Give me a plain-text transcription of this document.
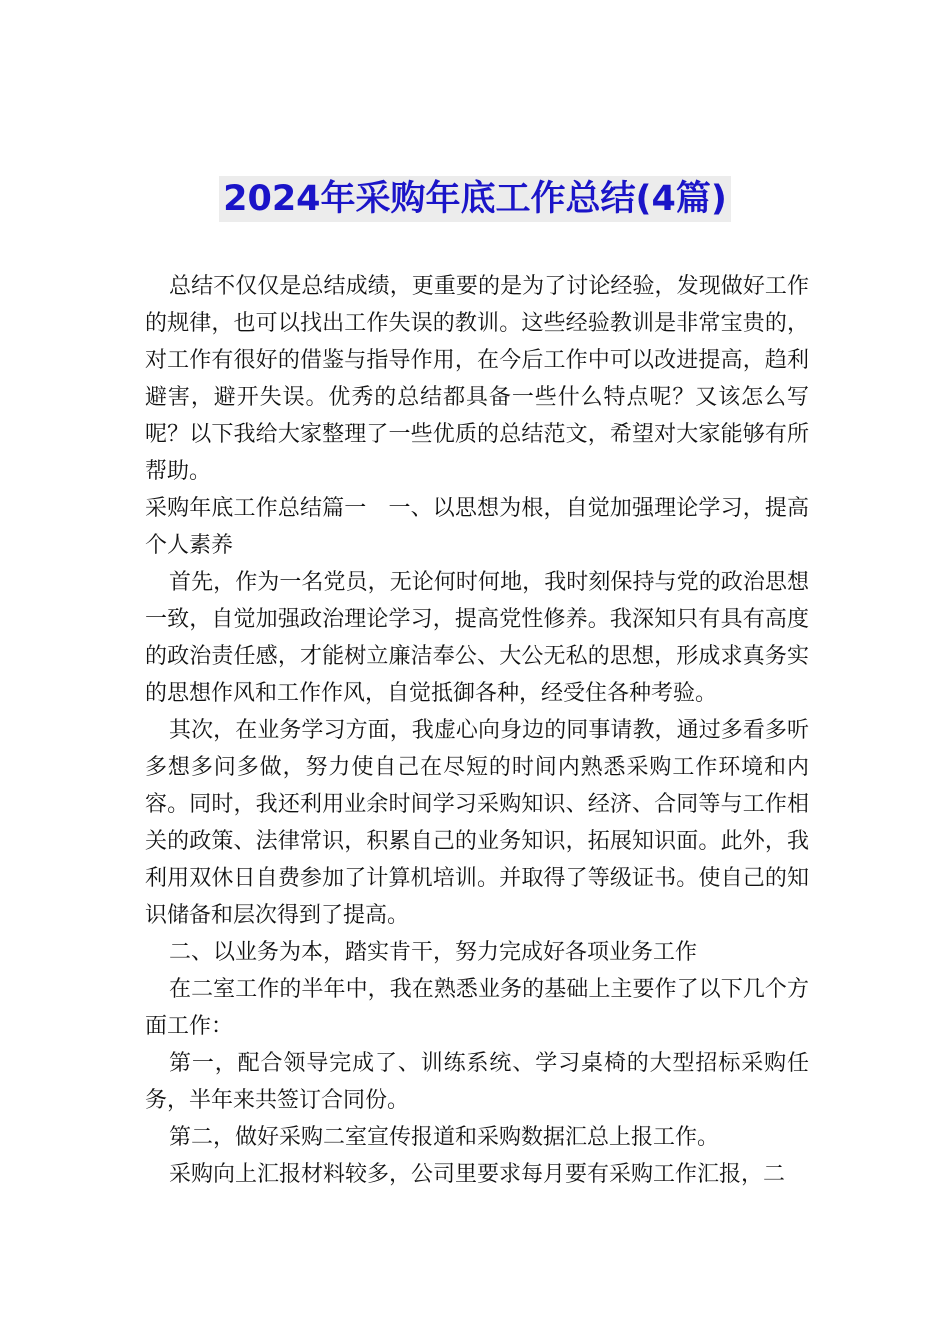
2024年采购年底工作总结(4篇)

总结不仅仅是总结成绩，更重要的是为了讨论经验，发现做好工作的规律，也可以找出工作失误的教训。这些经验教训是非常宝贵的，对工作有很好的借鉴与指导作用，在今后工作中可以改进提高，趋利避害，避开失误。优秀的总结都具备一些什么特点呢？又该怎么写呢？以下我给大家整理了一些优质的总结范文，希望对大家能够有所帮助。

采购年底工作总结篇一　一、以思想为根，自觉加强理论学习，提高个人素养

首先，作为一名党员，无论何时何地，我时刻保持与党的政治思想一致，自觉加强政治理论学习，提高党性修养。我深知只有具有高度的政治责任感，才能树立廉洁奉公、大公无私的思想，形成求真务实的思想作风和工作作风，自觉抵御各种，经受住各种考验。

其次，在业务学习方面，我虚心向身边的同事请教，通过多看多听多想多问多做，努力使自己在尽短的时间内熟悉采购工作环境和内容。同时，我还利用业余时间学习采购知识、经济、合同等与工作相关的政策、法律常识，积累自己的业务知识，拓展知识面。此外，我利用双休日自费参加了计算机培训。并取得了等级证书。使自己的知识储备和层次得到了提高。

二、以业务为本，踏实肯干，努力完成好各项业务工作

在二室工作的半年中，我在熟悉业务的基础上主要作了以下几个方面工作：

第一，配合领导完成了、训练系统、学习桌椅的大型招标采购任务，半年来共签订合同份。

第二，做好采购二室宣传报道和采购数据汇总上报工作。

采购向上汇报材料较多，公司里要求每月要有采购工作汇报，二
